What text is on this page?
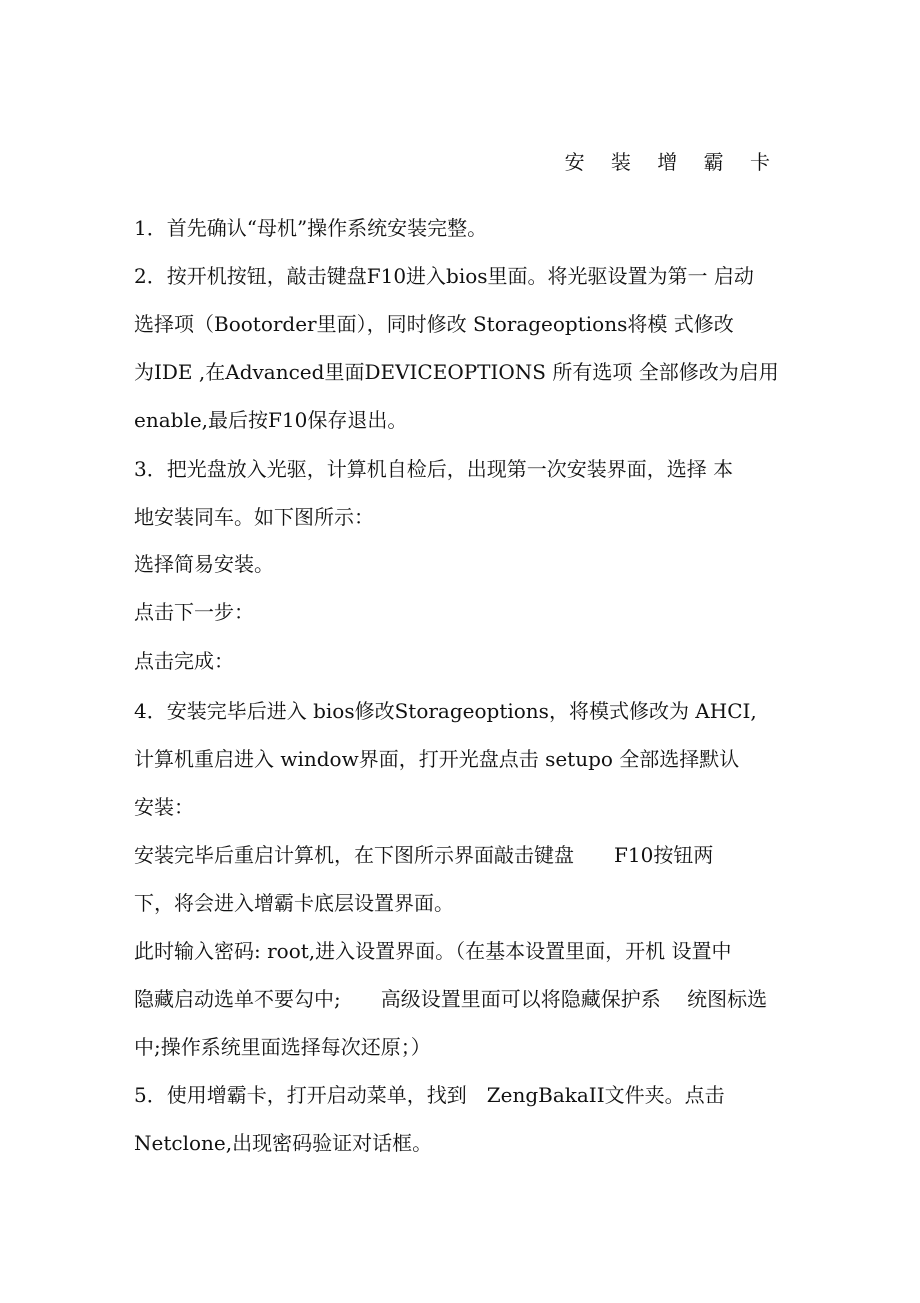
安 装 增 霸 卡
1．首先确认“母机”操作系统安装完整。
2．按开机按钮，敲击键盘F10进入bios里面。将光驱设置为第一 启动
选择项（Bootorder里面），同时修改 Storageoptions将模 式修改
为IDE ,在Advanced里面DEVICEOPTIONS 所有选项 全部修改为启用
enable,最后按F10保存退出。
3．把光盘放入光驱，计算机自检后，出现第一次安装界面，选择 本
地安装同车。如下图所示：
选择简易安装。
点击下一步：
点击完成：
4．安装完毕后进入 bios修改Storageoptions，将模式修改为 AHCI,
计算机重启进入 window界面，打开光盘点击 setupo 全部选择默认
安装：
安装完毕后重启计算机，在下图所示界面敲击键盘　　F10按钮两
下，将会进入增霸卡底层设置界面。
此时输入密码: root,进入设置界面。（在基本设置里面，开机 设置中
隐藏启动选单不要勾中;　　高级设置里面可以将隐藏保护系　 统图标选
中;操作系统里面选择每次还原；）
5．使用增霸卡，打开启动菜单，找到　ZengBakaII文件夹。点击
Netclone,出现密码验证对话框。
